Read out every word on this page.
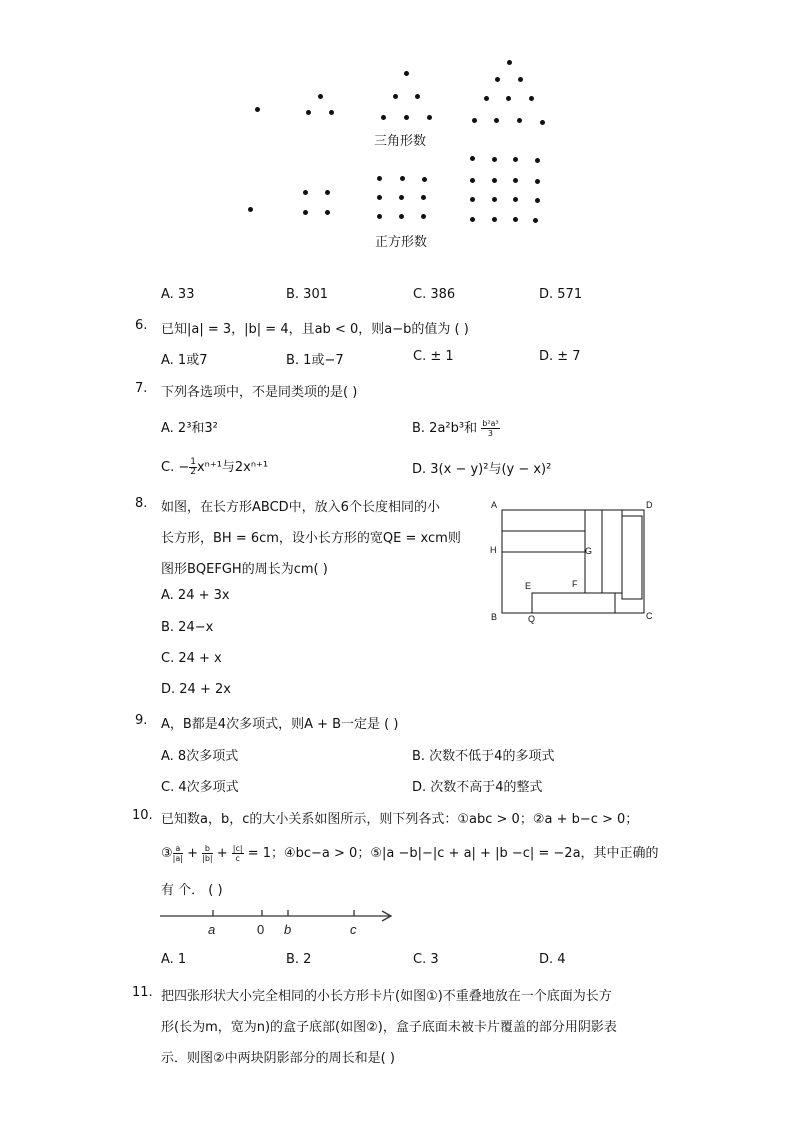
三角形数
正方形数
A. 33	B. 301	C. 386	D. 571
6. 已知|a| = 3，|b| = 4，且ab < 0，则a−b的值为 ( )
A. 1或7	B. 1或−7	C. ± 1	D. ± 7
7. 下列各选项中，不是同类项的是( )
A. 2³和3²	B. 2a²b³和 $\frac{\text{b²a³}}{3}$
C. − $\frac{1}{2} x^{n+1}$与2xⁿ⁺¹	D. 3(x − y)²与(y − x)²
8. 如图，在长方形ABCD中，放入6个长度相同的小
长方形，BH = 6cm，设小长方形的宽QE = xcm则
图形BQEFGH的周长为cm( )
A. 24 + 3x
B. 24−x
C. 24 + x
D. 24 + 2x
A	D
H	G
E	F
B	Q	C
9. A，B都是4次多项式，则A + B一定是 ( )
A. 8次多项式	B. 次数不低于4的多项式
C. 4次多项式	D. 次数不高于4的整式
10. 已知数a，b，c的大小关系如图所示，则下列各式：①abc > 0；②a + b−c > 0；
③ $\frac{a}{|a|} + \frac{b}{|b|} + \frac{|c|}{c} = 1$；④bc−a > 0；⑤|a −b|−|c + a| + |b −c| = −2a，其中正确的
有 个． ( )
a	0 b	c
A. 1	B. 2	C. 3	D. 4
11. 把四张形状大小完全相同的小长方形卡片(如图①)不重叠地放在一个底面为长方
形(长为m，宽为n)的盒子底部(如图②)，盒子底面未被卡片覆盖的部分用阴影表
示．则图②中两块阴影部分的周长和是( )
